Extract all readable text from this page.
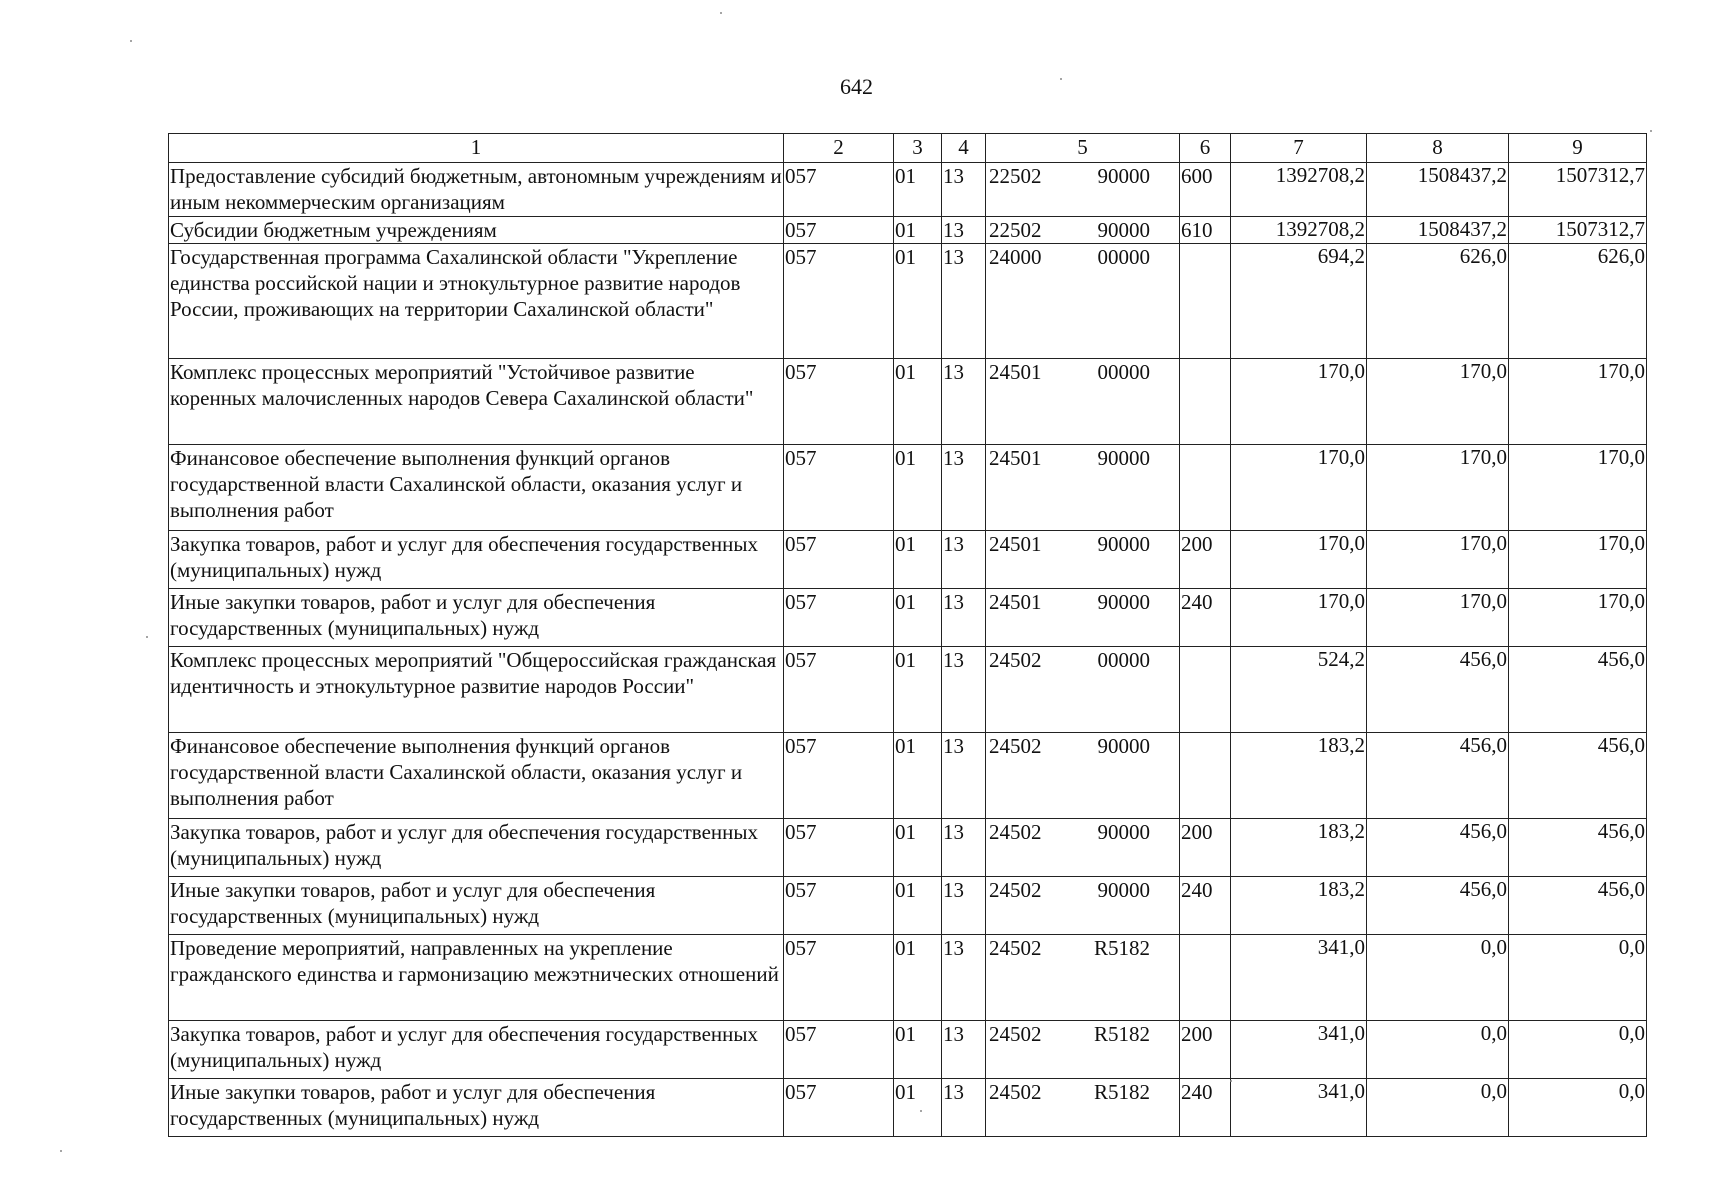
642
1	2	3	4	5	6	7	8	9
Предоставление субсидий бюджетным, автономным учреждениям и иным некоммерческим организациям	057	01	13	22502 90000	600	1392708,2	1508437,2	1507312,7
Субсидии бюджетным учреждениям	057	01	13	22502 90000	610	1392708,2	1508437,2	1507312,7
Государственная программа Сахалинской области "Укрепление единства российской нации и этнокультурное развитие народов России, проживающих на территории Сахалинской области"	057	01	13	24000 00000		694,2	626,0	626,0
Комплекс процессных мероприятий "Устойчивое развитие коренных малочисленных народов Севера Сахалинской области"	057	01	13	24501 00000		170,0	170,0	170,0
Финансовое обеспечение выполнения функций органов государственной власти Сахалинской области, оказания услуг и выполнения работ	057	01	13	24501 90000		170,0	170,0	170,0
Закупка товаров, работ и услуг для обеспечения государственных (муниципальных) нужд	057	01	13	24501 90000	200	170,0	170,0	170,0
Иные закупки товаров, работ и услуг для обеспечения государственных (муниципальных) нужд	057	01	13	24501 90000	240	170,0	170,0	170,0
Комплекс процессных мероприятий "Общероссийская гражданская идентичность и этнокультурное развитие народов России"	057	01	13	24502 00000		524,2	456,0	456,0
Финансовое обеспечение выполнения функций органов государственной власти Сахалинской области, оказания услуг и выполнения работ	057	01	13	24502 90000		183,2	456,0	456,0
Закупка товаров, работ и услуг для обеспечения государственных (муниципальных) нужд	057	01	13	24502 90000	200	183,2	456,0	456,0
Иные закупки товаров, работ и услуг для обеспечения государственных (муниципальных) нужд	057	01	13	24502 90000	240	183,2	456,0	456,0
Проведение мероприятий, направленных на укрепление гражданского единства и гармонизацию межэтнических отношений	057	01	13	24502 R5182		341,0	0,0	0,0
Закупка товаров, работ и услуг для обеспечения государственных (муниципальных) нужд	057	01	13	24502 R5182	200	341,0	0,0	0,0
Иные закупки товаров, работ и услуг для обеспечения государственных (муниципальных) нужд	057	01	13	24502 R5182	240	341,0	0,0	0,0
